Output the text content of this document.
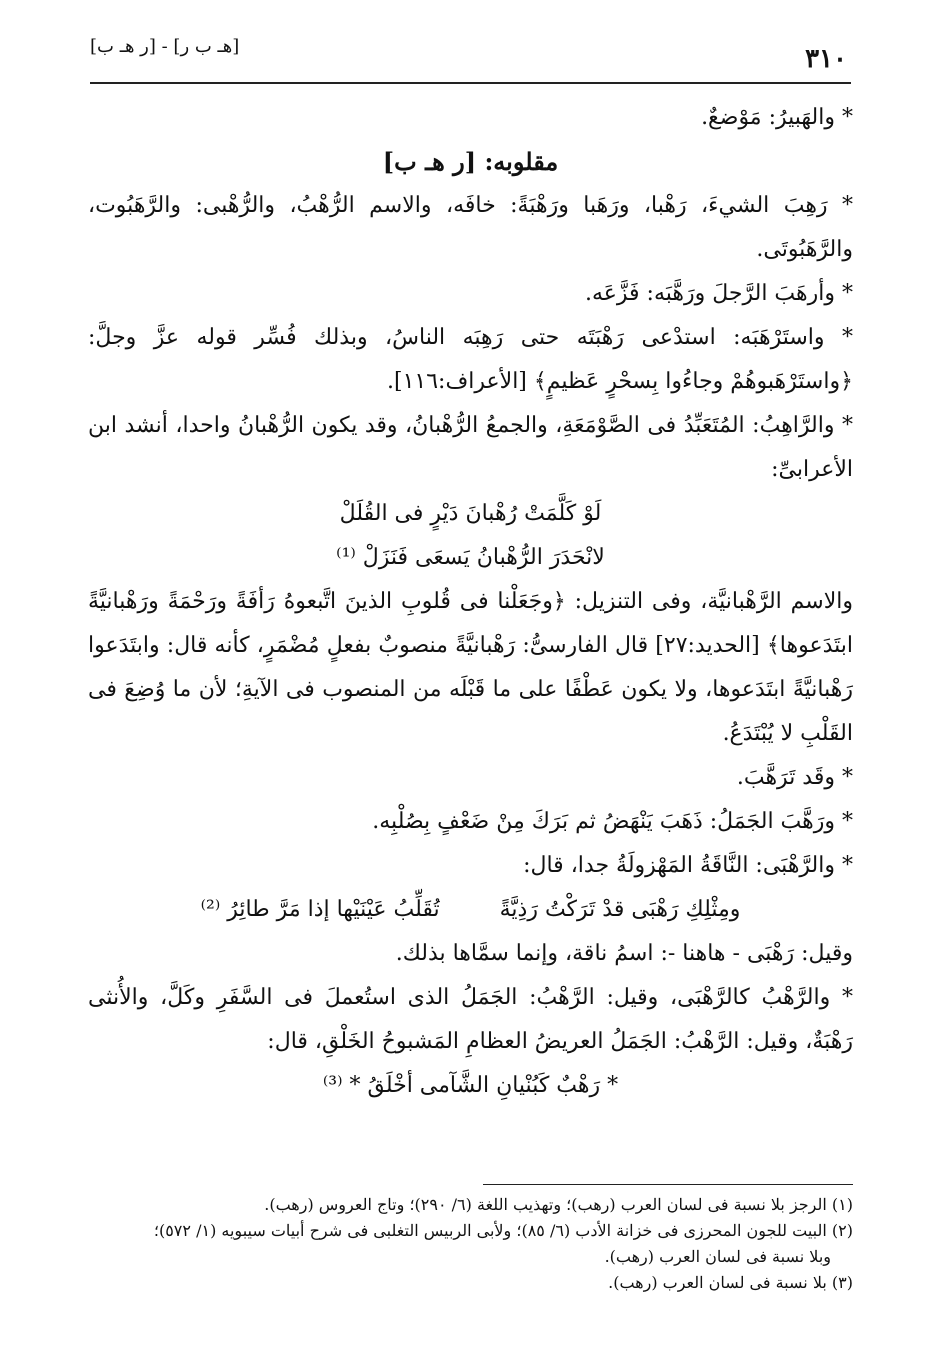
٣١٠
[هـ ب ر] - [ر هـ ب]

* والهَبيرُ: مَوْضعٌ.

مقلوبه: [ر هـ ب]

* رَهِبَ الشيءَ، رَهْبا، ورَهَبا ورَهْبَةً: خافَه، والاسم الرُّهْبُ، والرُّهْبى: والرَّهَبُوت، والرَّهَبُوتَى.

* وأرهَبَ الرَّجلَ ورَهَّبَه: فَزَّعَه.

* واستَرْهَبَه: استدْعى رَهْبَتَه حتى رَهِبَه الناسُ، وبذلك فُسِّر قوله عزَّ وجلَّ: ﴿واستَرْهَبوهُمْ وجاءُوا بِسحْرٍ عَظيمٍ﴾ [الأعراف:١١٦].

* والرَّاهِبُ: المُتَعَبِّدُ فى الصَّوْمَعَةِ، والجمعُ الرُّهْبانُ، وقد يكون الرُّهْبانُ واحدا، أنشد ابن الأعرابىِّ:

لَوْ كَلَّمَتْ رُهْبانَ دَيْرٍ فى القُلَلْ

لانْحَدَرَ الرُّهْبانُ يَسعَى فَنَزَلْ ⁽¹⁾

والاسم الرَّهْبانيَّة، وفى التنزيل: ﴿وجَعَلْنا فى قُلوبِ الذينَ اتَّبعوهُ رَأفَةً ورَحْمَةً ورَهْبانيَّةً ابتَدَعوها﴾ [الحديد:٢٧] قال الفارسىُّ: رَهْبانيَّةً منصوبٌ بفعلٍ مُضْمَرٍ، كأنه قال: وابتَدَعوا رَهْبانيَّةً ابتَدَعوها، ولا يكون عَطْفًا على ما قَبْلَه من المنصوب فى الآيةِ؛ لأن ما وُضِعَ فى القَلْبِ لا يُبْتَدَعُ.

* وقَد تَرَهَّبَ.

* ورَهَّبَ الجَمَلُ: ذَهَبَ يَنْهَضُ ثم بَرَكَ مِنْ ضَعْفٍ بِصُلْبِه.

* والرَّهْبَى: النَّاقَةُ المَهْزولَةُ جدا، قال:

ومِثْلِكِ رَهْبَى قدْ تَرَكْتُ رَذِيَّةً
تُقَلِّبُ عَيْنَيْها إذا مَرَّ طائِرُ ⁽²⁾

وقيل: رَهْبَى - هاهنا -: اسمُ ناقة، وإنما سمَّاها بذلك.

* والرَّهْبُ كالرَّهْبَى، وقيل: الرَّهْبُ: الجَمَلُ الذى استُعملَ فى السَّفَرِ وكَلَّ، والأُنثى رَهْبَةٌ، وقيل: الرَّهْبُ: الجَمَلُ العريضُ العظامِ المَشبوحُ الخَلْقِ، قال:

* رَهْبٌ كَبُنْيانِ الشَّآمى أخْلَقُ * ⁽³⁾

(١) الرجز بلا نسبة فى لسان العرب (رهب)؛ وتهذيب اللغة (٦/ ٢٩٠)؛ وتاج العروس (رهب).

(٢) البيت للجون المحرزى فى خزانة الأدب (٦/ ٨٥)؛ ولأبى الربيس التغلبى فى شرح أبيات سيبويه (١/ ٥٧٢)؛

وبلا نسبة فى لسان العرب (رهب).

(٣) بلا نسبة فى لسان العرب (رهب).
